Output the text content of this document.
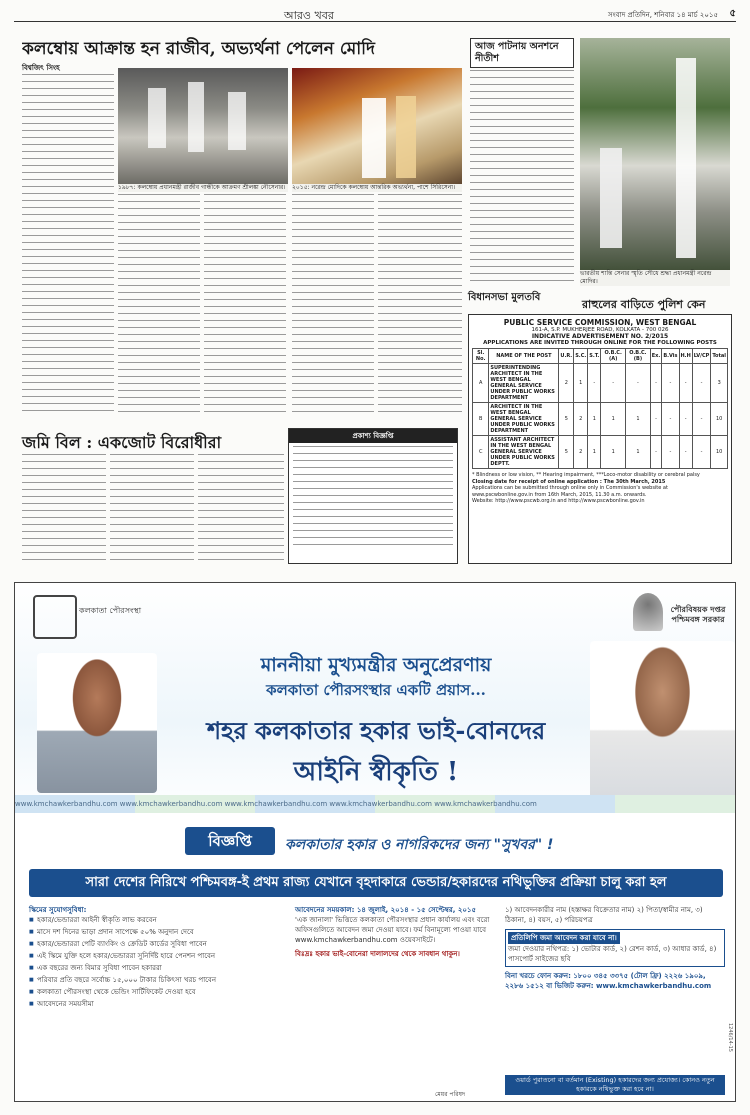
আরও খবর	সংবাদ প্রতিদিন, শনিবার ১৪ মার্চ ২০১৫ ৫
কলম্বোয় আক্রান্ত হন রাজীব, অভ্যর্থনা পেলেন মোদি
বিশ্বজিৎ সিংহ
১৯৮৭: কলম্বোয় প্রধানমন্ত্রী রাজীব গান্ধীকে আক্রমণ শ্রীলঙ্কা নৌসেনার।	২০১৫: নরেন্দ্র মোদিকে কলম্বোয় আন্তরিক অভ্যর্থনা, পাশে সিরিসেনা।
আজ পাটনায় অনশনে নীতীশ
ভারতীয় শান্তি সেনার স্মৃতি সৌধে শ্রদ্ধা প্রধানমন্ত্রী নরেন্দ্র মোদির।
বিধানসভা মুলতবি
রাহুলের বাড়িতে পুলিশ কেন
জমি বিল : একজোট বিরোধীরা	প্রকাশ্য বিজ্ঞপ্তি
PUBLIC SERVICE COMMISSION, WEST BENGAL
161-A, S.P. MUKHERJEE ROAD, KOLKATA - 700 026
INDICATIVE ADVERTISEMENT NO. 2/2015
APPLICATIONS ARE INVITED THROUGH ONLINE FOR THE FOLLOWING POSTS
Sl. No.	NAME OF THE POST	U.R.	S.C.	S.T.	O.B.C. (A)	O.B.C. (B)	Ex.	B.Vis	H.H	LV/CP	Total
A	SUPERINTENDING ARCHITECT IN THE WEST BENGAL GENERAL SERVICE UNDER PUBLIC WORKS DEPARTMENT	2	1	-	-	-	-	-	-	-	3
B	ARCHITECT IN THE WEST BENGAL GENERAL SERVICE UNDER PUBLIC WORKS DEPARTMENT	5	2	1	1	1	-	-	-	-	10
C	ASSISTANT ARCHITECT IN THE WEST BENGAL GENERAL SERVICE UNDER PUBLIC WORKS DEPTT.	5	2	1	1	1	-	-	-	-	10
* Blindness or low vision, ** Hearing impairment, ***Loco-motor disability or cerebral palsy
Closing date for receipt of online application : The 30th March, 2015
Applications can be submitted through online only in Commission's website at www.pscwbonline.gov.in from 16th March, 2015, 11.30 a.m. onwards.
Website: http://www.pscwb.org.in and http://www.pscwbonline.gov.in
কলকাতা পৌরসংস্থা	পৌরবিষয়ক দপ্তর পশ্চিমবঙ্গ সরকার
মাননীয়া মুখ্যমন্ত্রীর অনুপ্রেরণায়
কলকাতা পৌরসংস্থার একটি প্রয়াস...
শহর কলকাতার হকার ভাই-বোনদের
আইনি স্বীকৃতি !
www.kmchawkerbandhu.com www.kmchawkerbandhu.com www.kmchawkerbandhu.com www.kmchawkerbandhu.com www.kmchawkerbandhu.com
বিজ্ঞপ্তি	কলকাতার হকার ও নাগরিকদের জন্য "সুখবর" !
সারা দেশের নিরিখে পশ্চিমবঙ্গ-ই প্রথম রাজ্য যেখানে বৃহদাকারে ভেন্ডার/হকারদের নথিভুক্তির প্রক্রিয়া চালু করা হল
স্কিমের সুযোগসুবিধা:
■ হকার/ভেন্ডাররা আইনী স্বীকৃতি লাভ করবেন
■ মাসে দশ দিনের ভাড়া প্রদান সাপেক্ষে ৫০% অনুদান দেবে
■ হকার/ভেন্ডাররা পেটি ব্যাংকিং ও ক্রেডিট কার্ডের সুবিধা পাবেন
■ এই স্কিমে যুক্তি হলে হকার/ভেন্ডাররা সুনির্দিষ্ট হারে পেনশন পাবেন
■ এক বছরের জন্য বিমার সুবিধা পাবেন হকাররা
■ পরিবার প্রতি বছরে সর্বোচ্চ ১৫,০০০ টাকার চিকিৎসা খরচ পাবেন
■ কলকাতা পৌরসংস্থা থেকে ভেন্ডিং সার্টিফিকেট দেওয়া হবে
■ আবেদনের সময়সীমা
আবেদনের সময়কাল: ১৪ জুলাই, ২০১৪ - ১৫ সেপ্টেম্বর, ২০১৫
'এক জানালা' ভিত্তিতে কলকাতা পৌরসংস্থার প্রধান কার্যালয় এবং বরো অফিসগুলিতে আবেদন জমা দেওয়া যাবে। ফর্ম বিনামূল্যে পাওয়া যাবে www.kmchawkerbandhu.com ওয়েবসাইটে।
বিঃদ্রঃ হকার ভাই-বোনেরা দালালদের থেকে সাবধান থাকুন।
১) আবেদনকারীর নাম (হস্তাক্ষর বিক্রেতার নাম) ২) পিতা/স্বামীর নাম, ৩) ঠিকানা, ৪) বয়স, ৫) পরিচয়পত্র
প্রতিলিপি জমা আবেদন করা যাবে না।
জমা দেওয়ার নথিপত্র: ১) ভোটার কার্ড, ২) রেশন কার্ড, ৩) আধার কার্ড, ৪) পাসপোর্ট সাইজের ছবি
বিনা খরচে ফোন করুন: ১৮০০ ৩৪৫ ৩৩৭৫ (টোল ফ্রি) ২২২৬ ১৯০৯, ২২৮৬ ১৫১২ বা ভিজিট করুন: www.kmchawkerbandhu.com
ওয়ার্ড পুরাতনো বা বর্তমান (Existing) হকারদের জন্য প্রযোজ্য। কোনও নতুন হকারকে নথিভুক্ত করা হবে না।
1246/14-15
মেয়র পরিষদ
